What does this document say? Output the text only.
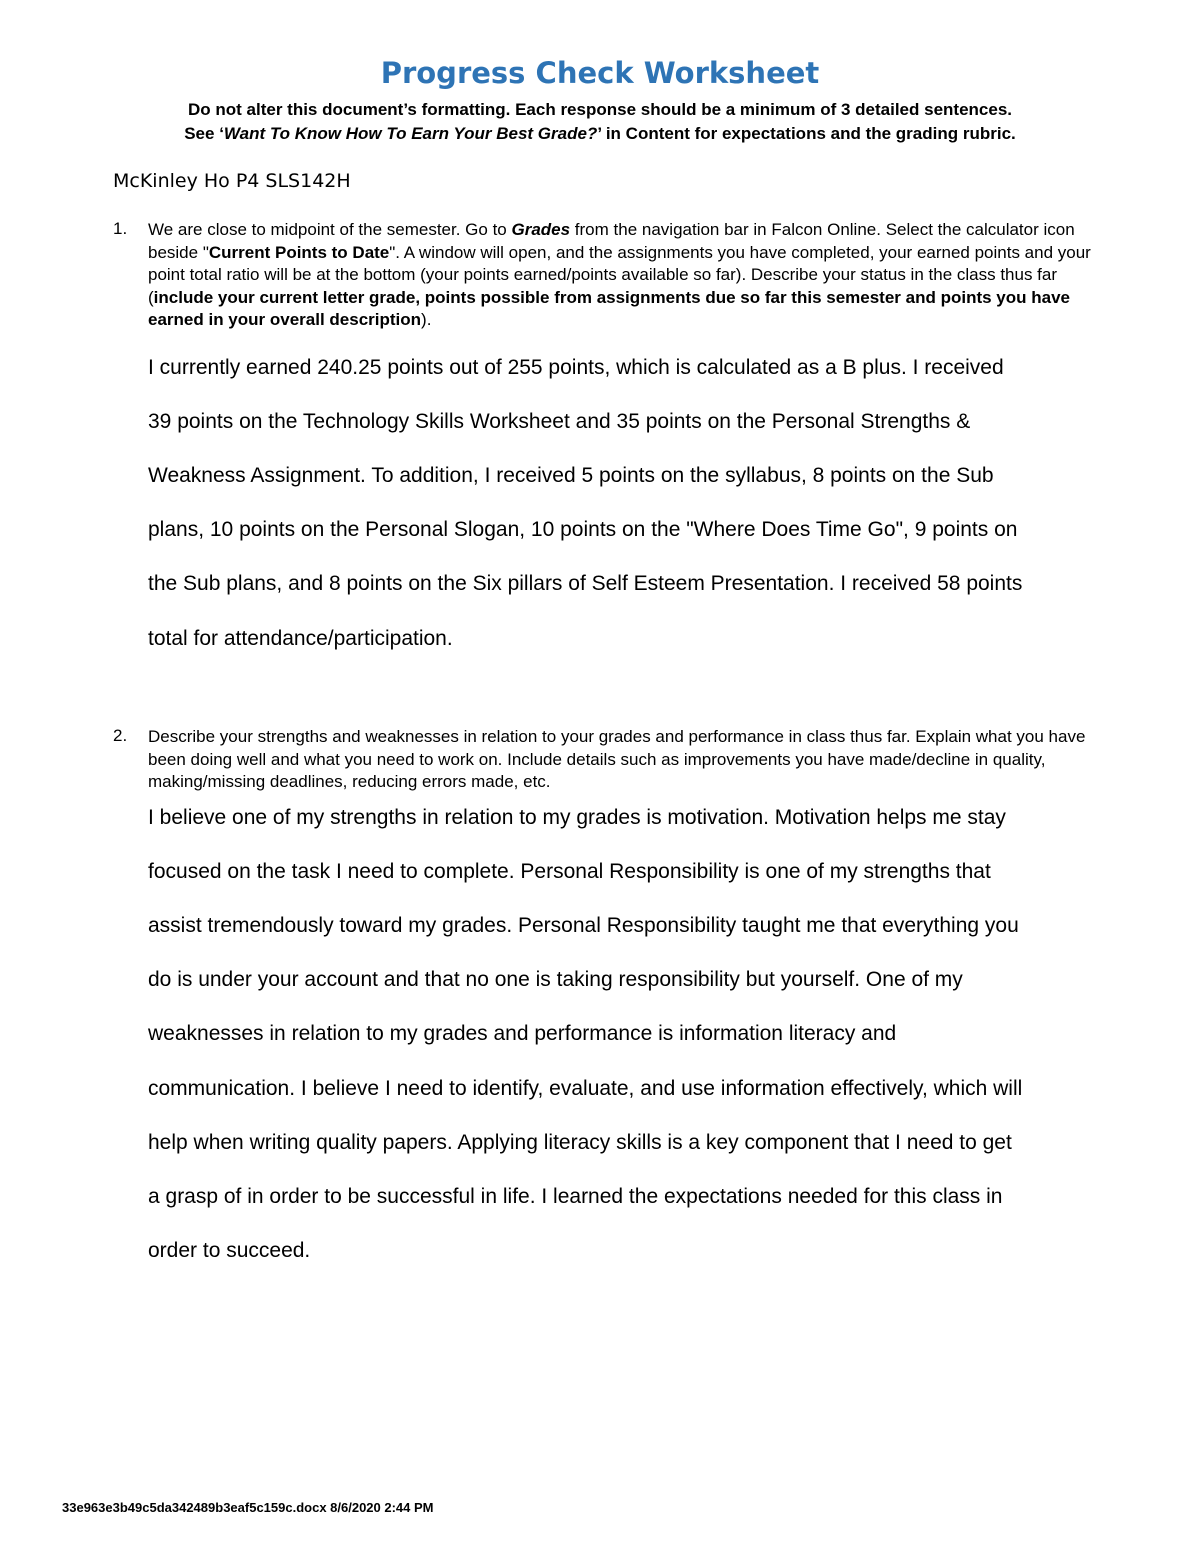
Progress Check Worksheet
Do not alter this document’s formatting. Each response should be a minimum of 3 detailed sentences.
See ‘Want To Know How To Earn Your Best Grade?’ in Content for expectations and the grading rubric.
McKinley Ho P4 SLS142H
1. We are close to midpoint of the semester. Go to Grades from the navigation bar in Falcon Online. Select the calculator icon beside "Current Points to Date". A window will open, and the assignments you have completed, your earned points and your point total ratio will be at the bottom (your points earned/points available so far). Describe your status in the class thus far (include your current letter grade, points possible from assignments due so far this semester and points you have earned in your overall description).
I currently earned 240.25 points out of 255 points, which is calculated as a B plus. I received
39 points on the Technology Skills Worksheet and 35 points on the Personal Strengths &
Weakness Assignment. To addition, I received 5 points on the syllabus, 8 points on the Sub
plans, 10 points on the Personal Slogan, 10 points on the "Where Does Time Go", 9 points on
the Sub plans, and 8 points on the Six pillars of Self Esteem Presentation. I received 58 points
total for attendance/participation.
2. Describe your strengths and weaknesses in relation to your grades and performance in class thus far. Explain what you have been doing well and what you need to work on. Include details such as improvements you have made/decline in quality, making/missing deadlines, reducing errors made, etc.
I believe one of my strengths in relation to my grades is motivation. Motivation helps me stay
focused on the task I need to complete. Personal Responsibility is one of my strengths that
assist tremendously toward my grades. Personal Responsibility taught me that everything you
do is under your account and that no one is taking responsibility but yourself. One of my
weaknesses in relation to my grades and performance is information literacy and
communication. I believe I need to identify, evaluate, and use information effectively, which will
help when writing quality papers. Applying literacy skills is a key component that I need to get
a grasp of in order to be successful in life. I learned the expectations needed for this class in
order to succeed.
33e963e3b49c5da342489b3eaf5c159c.docx 8/6/2020 2:44 PM
